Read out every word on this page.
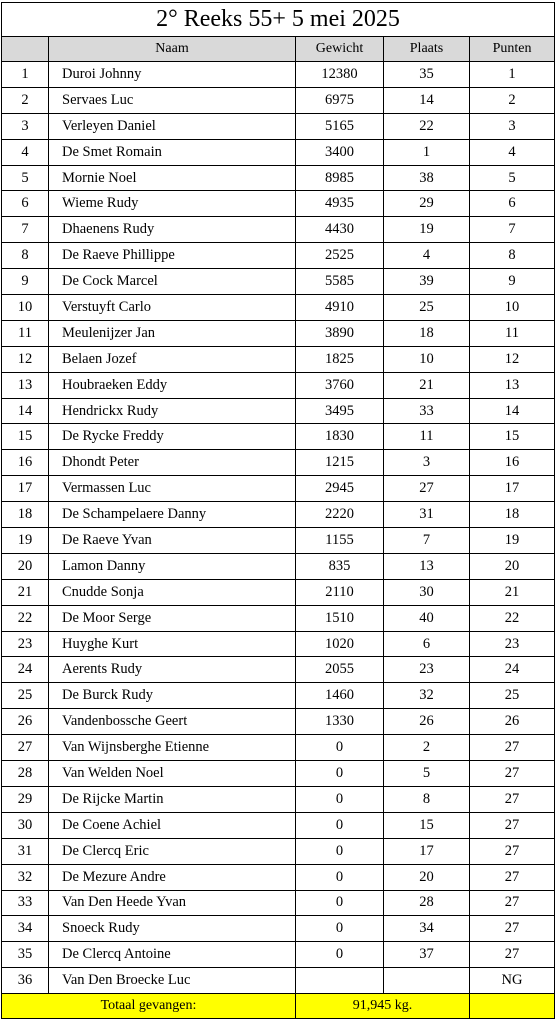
2° Reeks 55+ 5 mei 2025				
	Naam	Gewicht	Plaats	Punten
1	Duroi Johnny	12380	35	1
2	Servaes Luc	6975	14	2
3	Verleyen Daniel	5165	22	3
4	De Smet Romain	3400	1	4
5	Mornie Noel	8985	38	5
6	Wieme Rudy	4935	29	6
7	Dhaenens Rudy	4430	19	7
8	De Raeve Phillippe	2525	4	8
9	De Cock Marcel	5585	39	9
10	Verstuyft Carlo	4910	25	10
11	Meulenijzer Jan	3890	18	11
12	Belaen Jozef	1825	10	12
13	Houbraeken Eddy	3760	21	13
14	Hendrickx Rudy	3495	33	14
15	De Rycke Freddy	1830	11	15
16	Dhondt Peter	1215	3	16
17	Vermassen Luc	2945	27	17
18	De Schampelaere Danny	2220	31	18
19	De Raeve Yvan	1155	7	19
20	Lamon Danny	835	13	20
21	Cnudde Sonja	2110	30	21
22	De Moor Serge	1510	40	22
23	Huyghe Kurt	1020	6	23
24	Aerents Rudy	2055	23	24
25	De Burck Rudy	1460	32	25
26	Vandenbossche Geert	1330	26	26
27	Van Wijnsberghe Etienne	0	2	27
28	Van Welden Noel	0	5	27
29	De Rijcke Martin	0	8	27
30	De Coene Achiel	0	15	27
31	De Clercq Eric	0	17	27
32	De Mezure Andre	0	20	27
33	Van Den Heede Yvan	0	28	27
34	Snoeck Rudy	0	34	27
35	De Clercq Antoine	0	37	27
36	Van Den Broecke Luc			NG
Totaal gevangen:		91,945 kg.		
